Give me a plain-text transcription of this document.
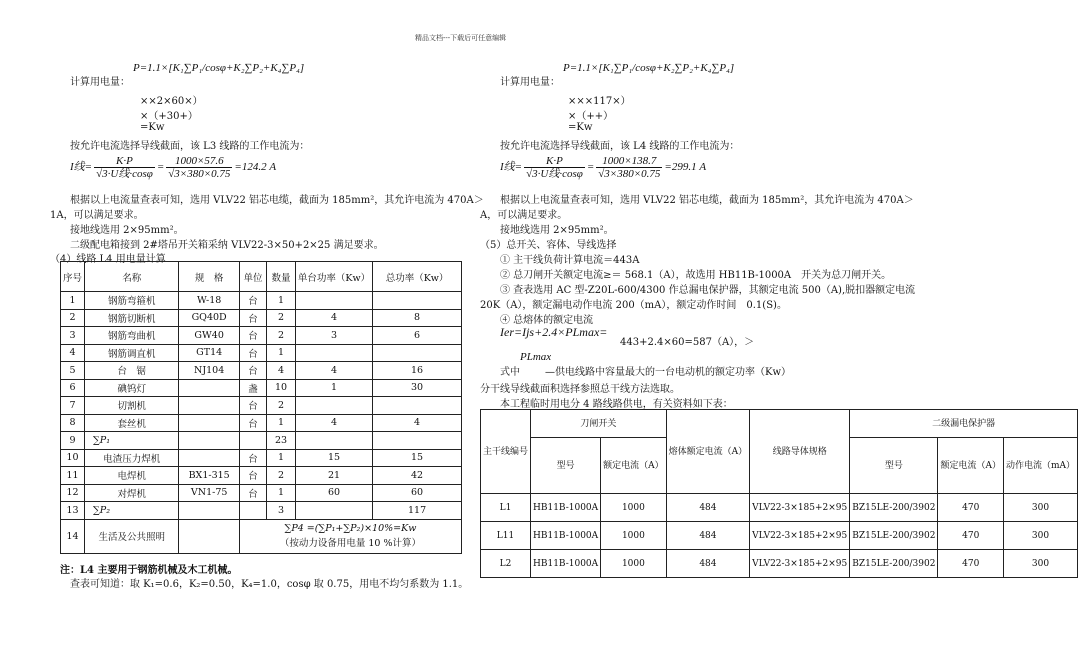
精品文档---下载后可任意编辑
P=1.1×[K₁∑P₁/cosφ+K₂∑P₂+K₄∑P₄]
计算用电量：
××2×60×）
×（+30+）
=Kw
按允许电流选择导线截面，该 L3 线路的工作电流为：
I线= $\frac{K\cdot P}{\text{√3·U线·cosφ}} = \frac{1000\times 57.6}{√3\times 380\times 0.75} =124.2$ A
根据以上电流量查表可知，选用 VLV22 铝芯电缆，截面为 185mm²，其允许电流为 470A＞
1A，可以满足要求。
接地线选用 2×95mm²。
二级配电箱接到 2#塔吊开关箱采纳 VLV22-3×50+2×25 满足要求。
（4）线路 L4 用电量计算
序号	名称	规　格	单位	数量	单台功率（Kw）	总功率（Kw）
1	钢筋弯箍机	W-18	台	1		
2	钢筋切断机	GQ40D	台	2	4	8
3	钢筋弯曲机	GW40	台	2	3	6
4	钢筋调直机	GT14	台	1		
5	台　锯	NJ104	台	4	4	16
6	碘钨灯		盏	10	1	30
7	切割机		台	2		
8	套丝机		台	1	4	4
9	∑P₁			23		
10	电渣压力焊机		台	1	15	15
11	电焊机	BX1-315	台	2	21	42
12	对焊机	VN1-75	台	1	60	60
13	∑P₂			3		117
14	生活及公共照明		∑P4 =(∑P₁+∑P₂)×10%=Kw
（按动力设备用电量 10 %计算）			
注：L4 主要用于钢筋机械及木工机械。
查表可知道：取 K₁=0.6，K₂=0.50，K₄=1.0，cosφ 取 0.75，用电不均匀系数为 1.1。
P=1.1×[K₁∑P₁/cosφ+K₂∑P₂+K₄∑P₄]
计算用电量：
×××117×）
×（++）
=Kw
按允许电流选择导线截面，该 L4 线路的工作电流为：
I线= $\frac{K\cdot P}{\text{√3·U线·cosφ}} = \frac{1000\times 138.7}{√3\times 380\times 0.75} =299.1$ A
根据以上电流量查表可知，选用 VLV22 铝芯电缆，截面为 185mm²，其允许电流为 470A＞
A，可以满足要求。
接地线选用 2×95mm²。
（5）总开关、容体、导线选择
① 主干线负荷计算电流＝443A
② 总刀闸开关额定电流≥＝ 568.1（A），故选用 HB11B-1000A　开关为总刀闸开关。
③ 查表选用 AC 型-Z20L-600/4300 作总漏电保护器，其额定电流 500（A),脱扣器额定电流
20K（A），额定漏电动作电流 200（mA），额定动作时间　0.1(S)。
④ 总熔体的额定电流
Ier=Ijs+2.4×PLmax=
443+2.4×60=587（A），＞
PLmax
式中	—供电线路中容量最大的一台电动机的额定功率（Kw）
分干线导线截面积选择参照总干线方法选取。
本工程临时用电分 4 路线路供电，有关资料如下表：
主干线编号	刀闸开关		熔体额定电流（A）	线路导体规格	二级漏电保护器		
	型号	额定电流（A）			型号	额定电流（A）	动作电流（mA）
L1	HB11B-1000A	1000	484	VLV22-3×185+2×95	BZ15LE-200/3902	470	300
L11	HB11B-1000A	1000	484	VLV22-3×185+2×95	BZ15LE-200/3902	470	300
L2	HB11B-1000A	1000	484	VLV22-3×185+2×95	BZ15LE-200/3902	470	300
